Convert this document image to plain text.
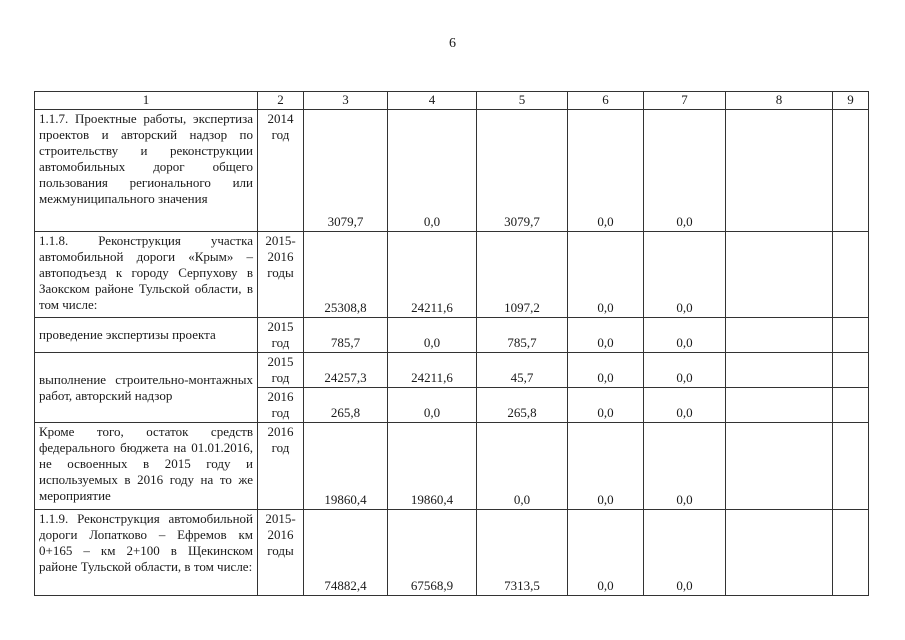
6
1	2	3	4	5	6	7	8	9
1.1.7. Проектные работы, экспертиза проектов и авторский надзор по строительству и реконструкции автомобильных дорог общего пользования регионального или межмуниципального значения	2014 год	3079,7	0,0	3079,7	0,0	0,0		
1.1.8. Реконструкция участка автомобильной дороги «Крым» – автоподъезд к городу Серпухову в Заокском районе Тульской области, в том числе:	2015-2016 годы	25308,8	24211,6	1097,2	0,0	0,0		
проведение экспертизы проекта	2015 год	785,7	0,0	785,7	0,0	0,0		
выполнение строительно-монтажных работ, авторский надзор	2015 год	24257,3	24211,6	45,7	0,0	0,0		
	2016 год	265,8	0,0	265,8	0,0	0,0		
Кроме того, остаток средств федерального бюджета на 01.01.2016, не освоенных в 2015 году и используемых в 2016 году на то же мероприятие	2016 год	19860,4	19860,4	0,0	0,0	0,0		
1.1.9. Реконструкция автомобильной дороги Лопатково – Ефремов км 0+165 – км 2+100 в Щекинском районе Тульской области, в том числе:	2015-2016 годы	74882,4	67568,9	7313,5	0,0	0,0		
